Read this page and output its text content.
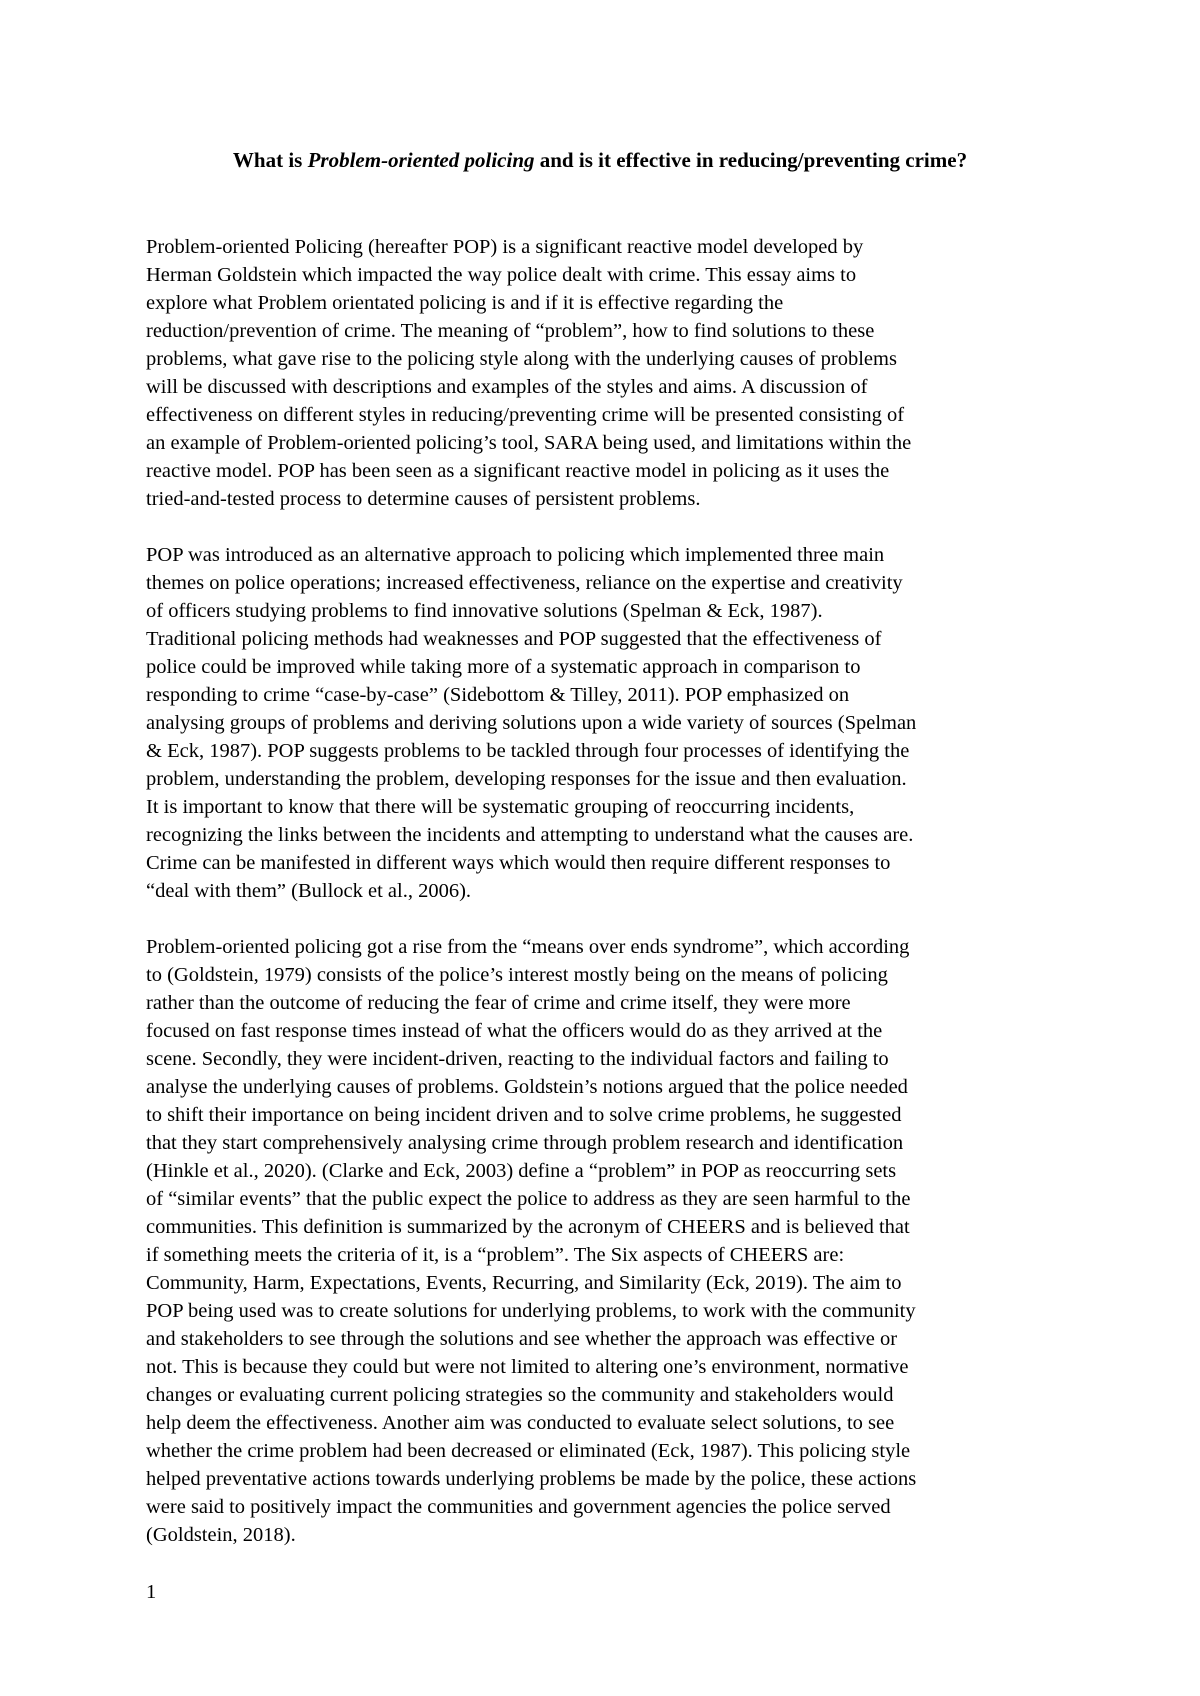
What is Problem-oriented policing and is it effective in reducing/preventing crime?

Problem-oriented Policing (hereafter POP) is a significant reactive model developed by
Herman Goldstein which impacted the way police dealt with crime. This essay aims to
explore what Problem orientated policing is and if it is effective regarding the
reduction/prevention of crime. The meaning of “problem”, how to find solutions to these
problems, what gave rise to the policing style along with the underlying causes of problems
will be discussed with descriptions and examples of the styles and aims. A discussion of
effectiveness on different styles in reducing/preventing crime will be presented consisting of
an example of Problem-oriented policing’s tool, SARA being used, and limitations within the
reactive model. POP has been seen as a significant reactive model in policing as it uses the
tried-and-tested process to determine causes of persistent problems.

POP was introduced as an alternative approach to policing which implemented three main
themes on police operations; increased effectiveness, reliance on the expertise and creativity
of officers studying problems to find innovative solutions (Spelman & Eck, 1987).
Traditional policing methods had weaknesses and POP suggested that the effectiveness of
police could be improved while taking more of a systematic approach in comparison to
responding to crime “case-by-case” (Sidebottom & Tilley, 2011). POP emphasized on
analysing groups of problems and deriving solutions upon a wide variety of sources (Spelman
& Eck, 1987). POP suggests problems to be tackled through four processes of identifying the
problem, understanding the problem, developing responses for the issue and then evaluation.
It is important to know that there will be systematic grouping of reoccurring incidents,
recognizing the links between the incidents and attempting to understand what the causes are.
Crime can be manifested in different ways which would then require different responses to
“deal with them” (Bullock et al., 2006).

Problem-oriented policing got a rise from the “means over ends syndrome”, which according
to (Goldstein, 1979) consists of the police’s interest mostly being on the means of policing
rather than the outcome of reducing the fear of crime and crime itself, they were more
focused on fast response times instead of what the officers would do as they arrived at the
scene. Secondly, they were incident-driven, reacting to the individual factors and failing to
analyse the underlying causes of problems. Goldstein’s notions argued that the police needed
to shift their importance on being incident driven and to solve crime problems, he suggested
that they start comprehensively analysing crime through problem research and identification
(Hinkle et al., 2020). (Clarke and Eck, 2003) define a “problem” in POP as reoccurring sets
of “similar events” that the public expect the police to address as they are seen harmful to the
communities. This definition is summarized by the acronym of CHEERS and is believed that
if something meets the criteria of it, is a “problem”. The Six aspects of CHEERS are:
Community, Harm, Expectations, Events, Recurring, and Similarity (Eck, 2019). The aim to
POP being used was to create solutions for underlying problems, to work with the community
and stakeholders to see through the solutions and see whether the approach was effective or
not. This is because they could but were not limited to altering one’s environment, normative
changes or evaluating current policing strategies so the community and stakeholders would
help deem the effectiveness. Another aim was conducted to evaluate select solutions, to see
whether the crime problem had been decreased or eliminated (Eck, 1987). This policing style
helped preventative actions towards underlying problems be made by the police, these actions
were said to positively impact the communities and government agencies the police served
(Goldstein, 2018).

1
